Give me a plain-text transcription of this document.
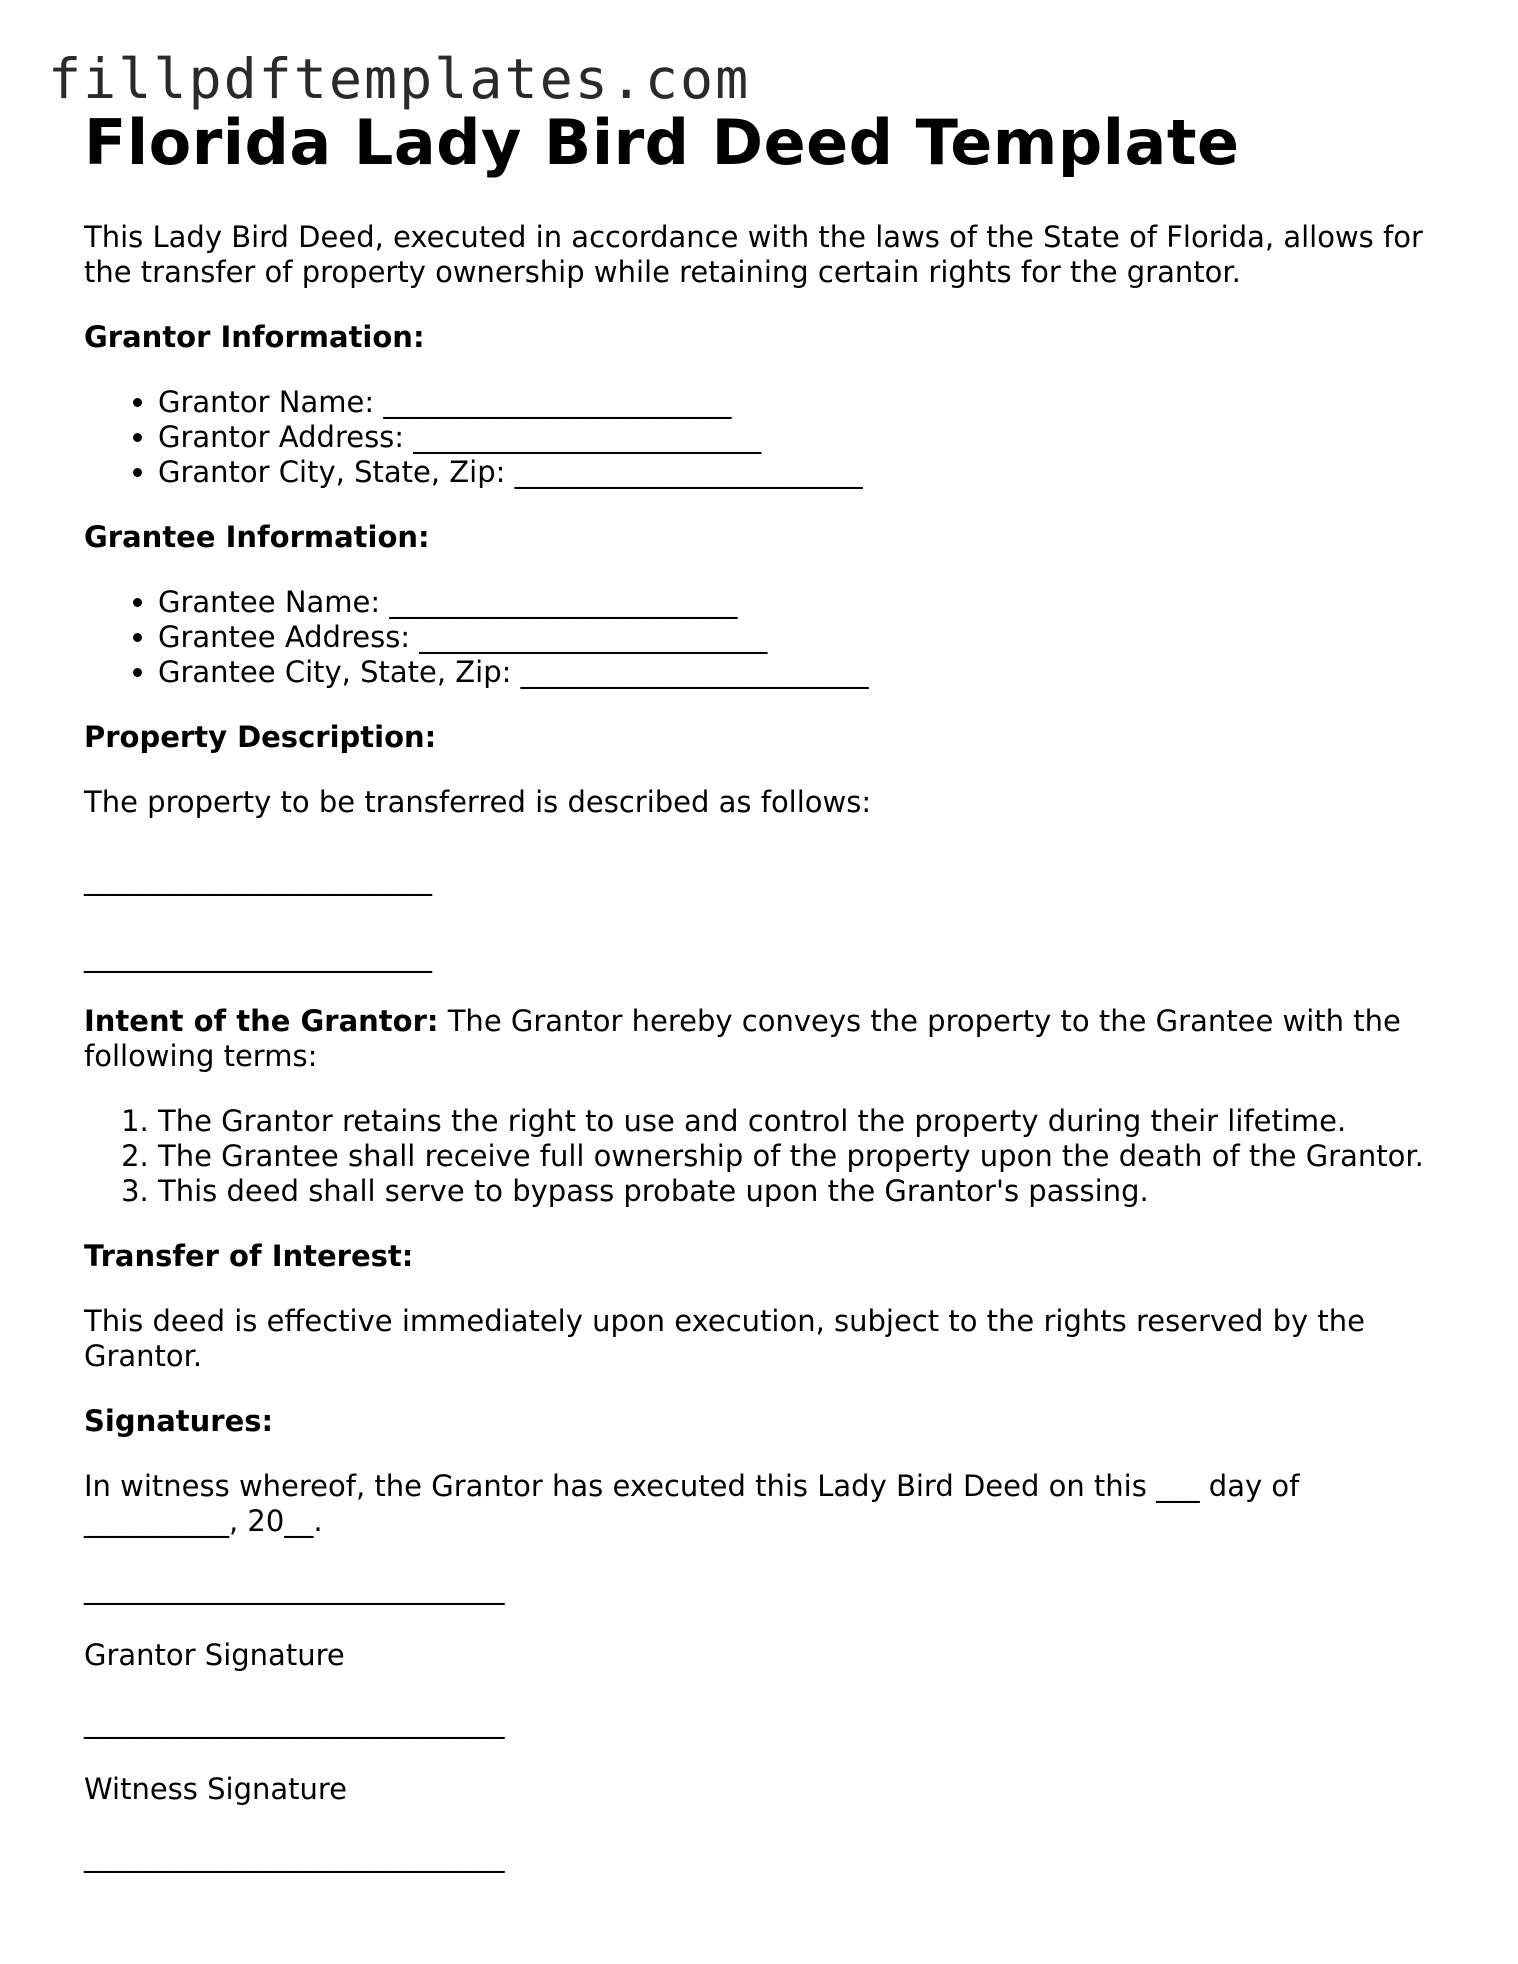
fillpdftemplates.com
Florida Lady Bird Deed Template

This Lady Bird Deed, executed in accordance with the laws of the State of Florida, allows for the transfer of property ownership while retaining certain rights for the grantor.

Grantor Information:

• Grantor Name: ________________________
• Grantor Address: ________________________
• Grantor City, State, Zip: ________________________

Grantee Information:

• Grantee Name: ________________________
• Grantee Address: ________________________
• Grantee City, State, Zip: ________________________

Property Description:

The property to be transferred is described as follows:

________________________

________________________

Intent of the Grantor: The Grantor hereby conveys the property to the Grantee with the following terms:

1. The Grantor retains the right to use and control the property during their lifetime.
2. The Grantee shall receive full ownership of the property upon the death of the Grantor.
3. This deed shall serve to bypass probate upon the Grantor's passing.

Transfer of Interest:

This deed is effective immediately upon execution, subject to the rights reserved by the Grantor.

Signatures:

In witness whereof, the Grantor has executed this Lady Bird Deed on this ___ day of __________, 20__.

_____________________________

Grantor Signature

_____________________________

Witness Signature

_____________________________
